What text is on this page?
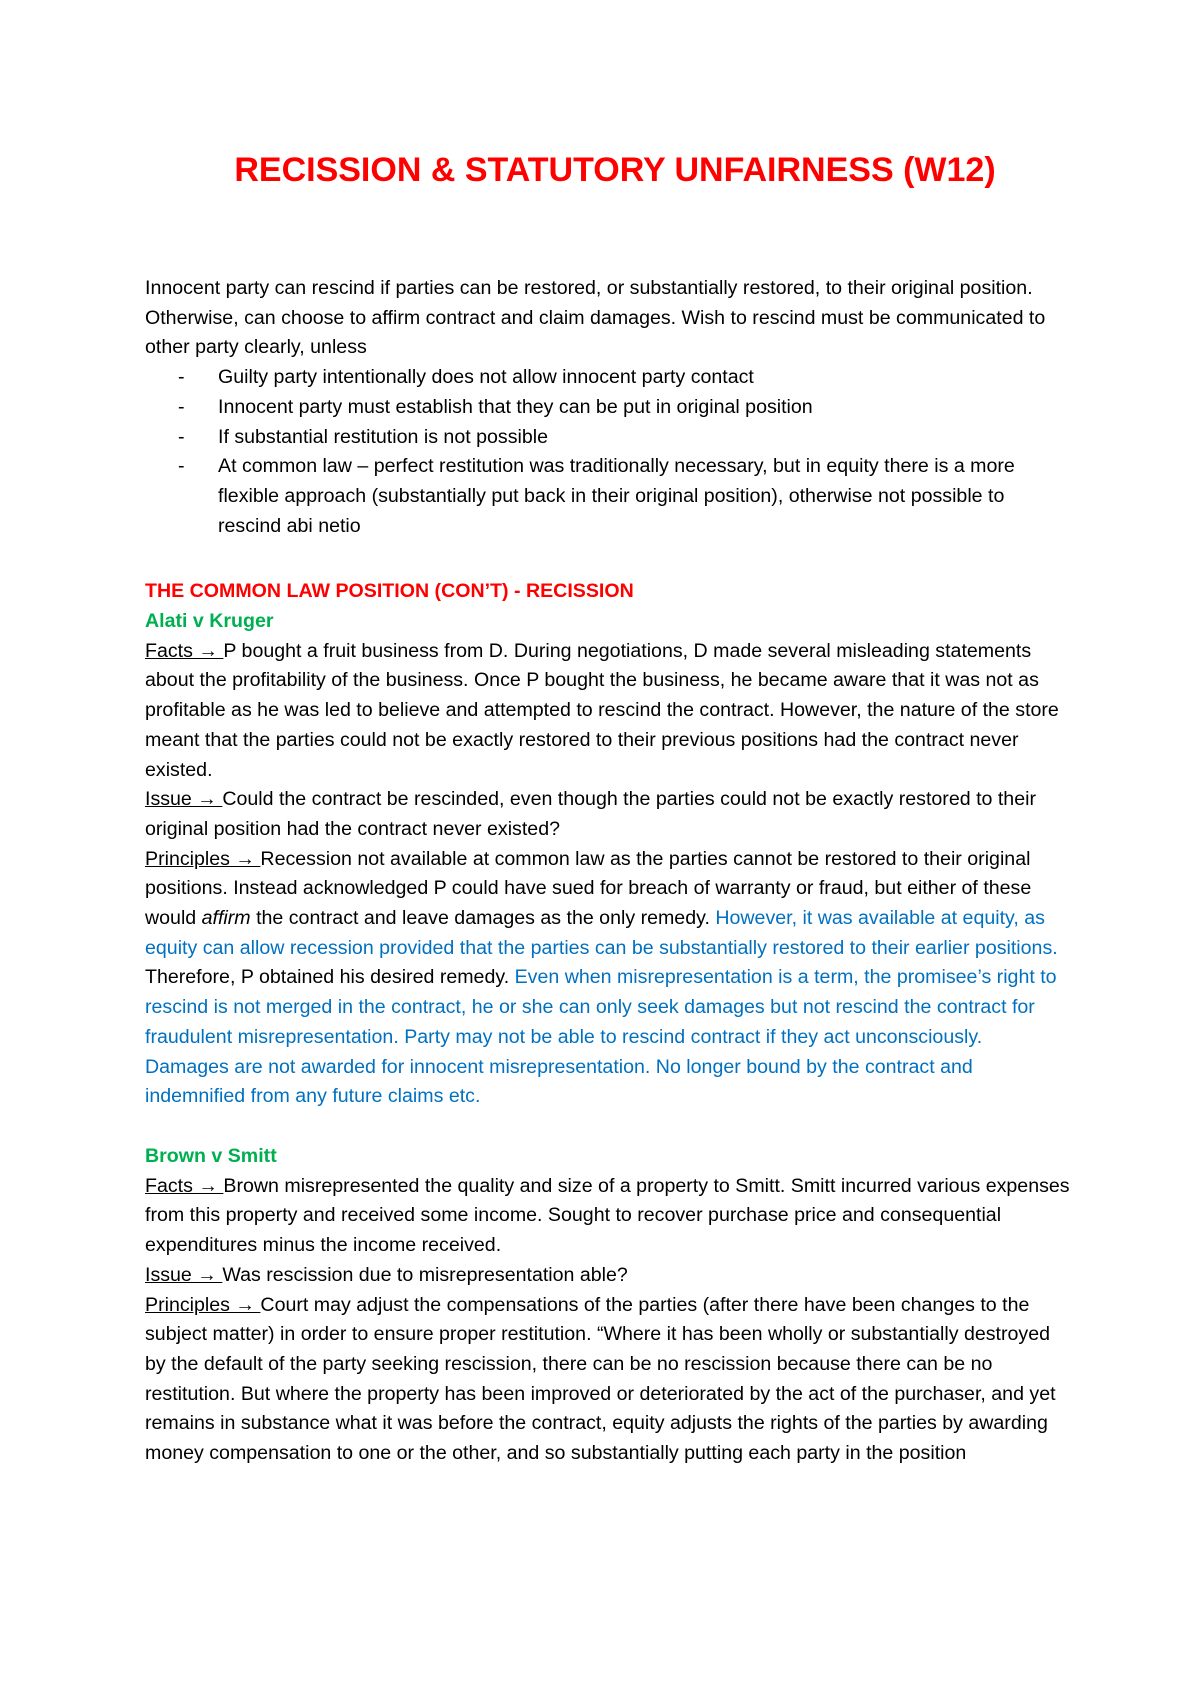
RECISSION & STATUTORY UNFAIRNESS (W12)

Innocent party can rescind if parties can be restored, or substantially restored, to their original position. Otherwise, can choose to affirm contract and claim damages. Wish to rescind must be communicated to other party clearly, unless

- Guilty party intentionally does not allow innocent party contact
- Innocent party must establish that they can be put in original position
- If substantial restitution is not possible
- At common law – perfect restitution was traditionally necessary, but in equity there is a more flexible approach (substantially put back in their original position), otherwise not possible to rescind abi netio
THE COMMON LAW POSITION (CON’T) - RECISSION

Alati v Kruger

Facts → P bought a fruit business from D. During negotiations, D made several misleading statements about the profitability of the business. Once P bought the business, he became aware that it was not as profitable as he was led to believe and attempted to rescind the contract. However, the nature of the store meant that the parties could not be exactly restored to their previous positions had the contract never existed.

Issue → Could the contract be rescinded, even though the parties could not be exactly restored to their original position had the contract never existed?

Principles → Recession not available at common law as the parties cannot be restored to their original positions. Instead acknowledged P could have sued for breach of warranty or fraud, but either of these would affirm the contract and leave damages as the only remedy. However, it was available at equity, as equity can allow recession provided that the parties can be substantially restored to their earlier positions. Therefore, P obtained his desired remedy. Even when misrepresentation is a term, the promisee’s right to rescind is not merged in the contract, he or she can only seek damages but not rescind the contract for fraudulent misrepresentation. Party may not be able to rescind contract if they act unconsciously. Damages are not awarded for innocent misrepresentation. No longer bound by the contract and indemnified from any future claims etc.

Brown v Smitt

Facts → Brown misrepresented the quality and size of a property to Smitt. Smitt incurred various expenses from this property and received some income. Sought to recover purchase price and consequential expenditures minus the income received.

Issue → Was rescission due to misrepresentation able?

Principles → Court may adjust the compensations of the parties (after there have been changes to the subject matter) in order to ensure proper restitution. “Where it has been wholly or substantially destroyed by the default of the party seeking rescission, there can be no rescission because there can be no restitution. But where the property has been improved or deteriorated by the act of the purchaser, and yet remains in substance what it was before the contract, equity adjusts the rights of the parties by awarding money compensation to one or the other, and so substantially putting each party in the position
